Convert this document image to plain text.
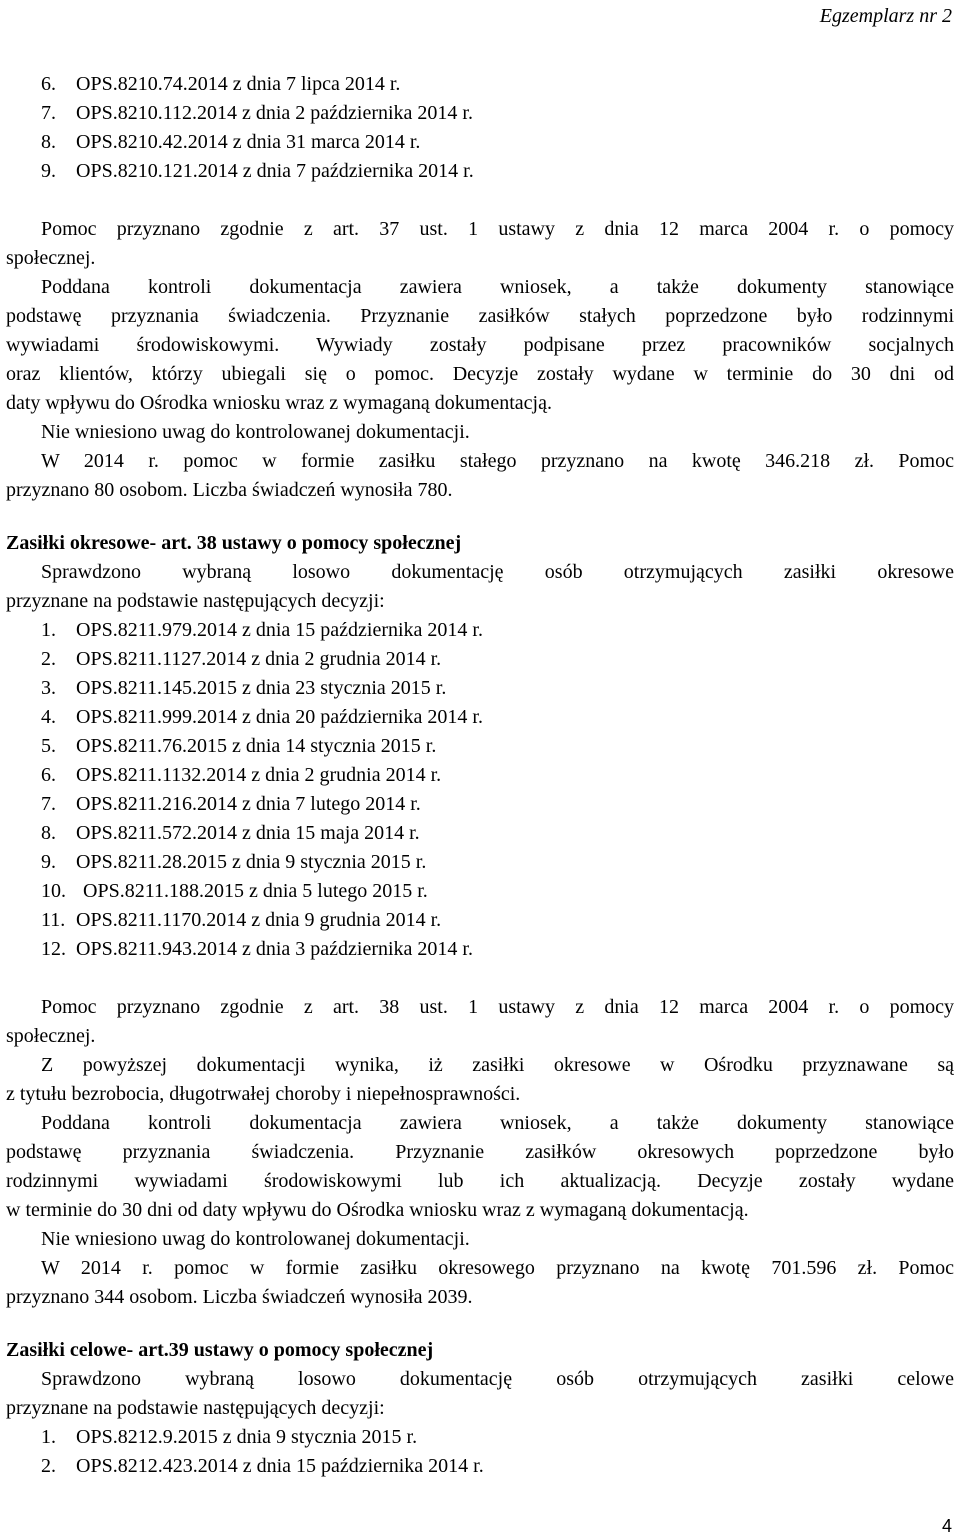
Egzemplarz nr 2
6.	OPS.8210.74.2014 z dnia 7 lipca 2014 r.
7.	OPS.8210.112.2014 z dnia 2 października 2014 r.
8.	OPS.8210.42.2014 z dnia 31 marca 2014 r.
9.	OPS.8210.121.2014 z dnia 7 października 2014 r.
Pomoc przyznano zgodnie z art. 37 ust. 1 ustawy z dnia 12 marca 2004 r. o pomocy
społecznej.
Poddana kontroli dokumentacja zawiera wniosek, a także dokumenty stanowiące
podstawę przyznania świadczenia. Przyznanie zasiłków stałych poprzedzone było rodzinnymi
wywiadami środowiskowymi. Wywiady zostały podpisane przez pracowników socjalnych
oraz klientów, którzy ubiegali się o pomoc. Decyzje zostały wydane w terminie do 30 dni od
daty wpływu do Ośrodka wniosku wraz z wymaganą dokumentacją.
Nie wniesiono uwag do kontrolowanej dokumentacji.
W 2014 r. pomoc w formie zasiłku stałego przyznano na kwotę 346.218 zł. Pomoc
przyznano 80 osobom. Liczba świadczeń wynosiła 780.
Zasiłki okresowe- art. 38 ustawy o pomocy społecznej
Sprawdzono wybraną losowo dokumentację osób otrzymujących zasiłki okresowe
przyznane na podstawie następujących decyzji:
1.	OPS.8211.979.2014 z dnia 15 października 2014 r.
2.	OPS.8211.1127.2014 z dnia 2 grudnia 2014 r.
3.	OPS.8211.145.2015 z dnia 23 stycznia 2015 r.
4.	OPS.8211.999.2014 z dnia 20 października 2014 r.
5.	OPS.8211.76.2015 z dnia 14 stycznia 2015 r.
6.	OPS.8211.1132.2014 z dnia 2 grudnia 2014 r.
7.	OPS.8211.216.2014 z dnia 7 lutego 2014 r.
8.	OPS.8211.572.2014 z dnia 15 maja 2014 r.
9.	OPS.8211.28.2015 z dnia 9 stycznia 2015 r.
10. OPS.8211.188.2015 z dnia 5 lutego 2015 r.
11. OPS.8211.1170.2014 z dnia 9 grudnia 2014 r.
12. OPS.8211.943.2014 z dnia 3 października 2014 r.
Pomoc przyznano zgodnie z art. 38 ust. 1 ustawy z dnia 12 marca 2004 r. o pomocy
społecznej.
Z powyższej dokumentacji wynika, iż zasiłki okresowe w Ośrodku przyznawane są
z tytułu bezrobocia, długotrwałej choroby i niepełnosprawności.
Poddana kontroli dokumentacja zawiera wniosek, a także dokumenty stanowiące
podstawę przyznania świadczenia. Przyznanie zasiłków okresowych poprzedzone było
rodzinnymi wywiadami środowiskowymi lub ich aktualizacją. Decyzje zostały wydane
w terminie do 30 dni od daty wpływu do Ośrodka wniosku wraz z wymaganą dokumentacją.
Nie wniesiono uwag do kontrolowanej dokumentacji.
W 2014 r. pomoc w formie zasiłku okresowego przyznano na kwotę 701.596 zł. Pomoc
przyznano 344 osobom. Liczba świadczeń wynosiła 2039.
Zasiłki celowe- art.39 ustawy o pomocy społecznej
Sprawdzono wybraną losowo dokumentację osób otrzymujących zasiłki celowe
przyznane na podstawie następujących decyzji:
1.	OPS.8212.9.2015 z dnia 9 stycznia 2015 r.
2.	OPS.8212.423.2014 z dnia 15 października 2014 r.
4
